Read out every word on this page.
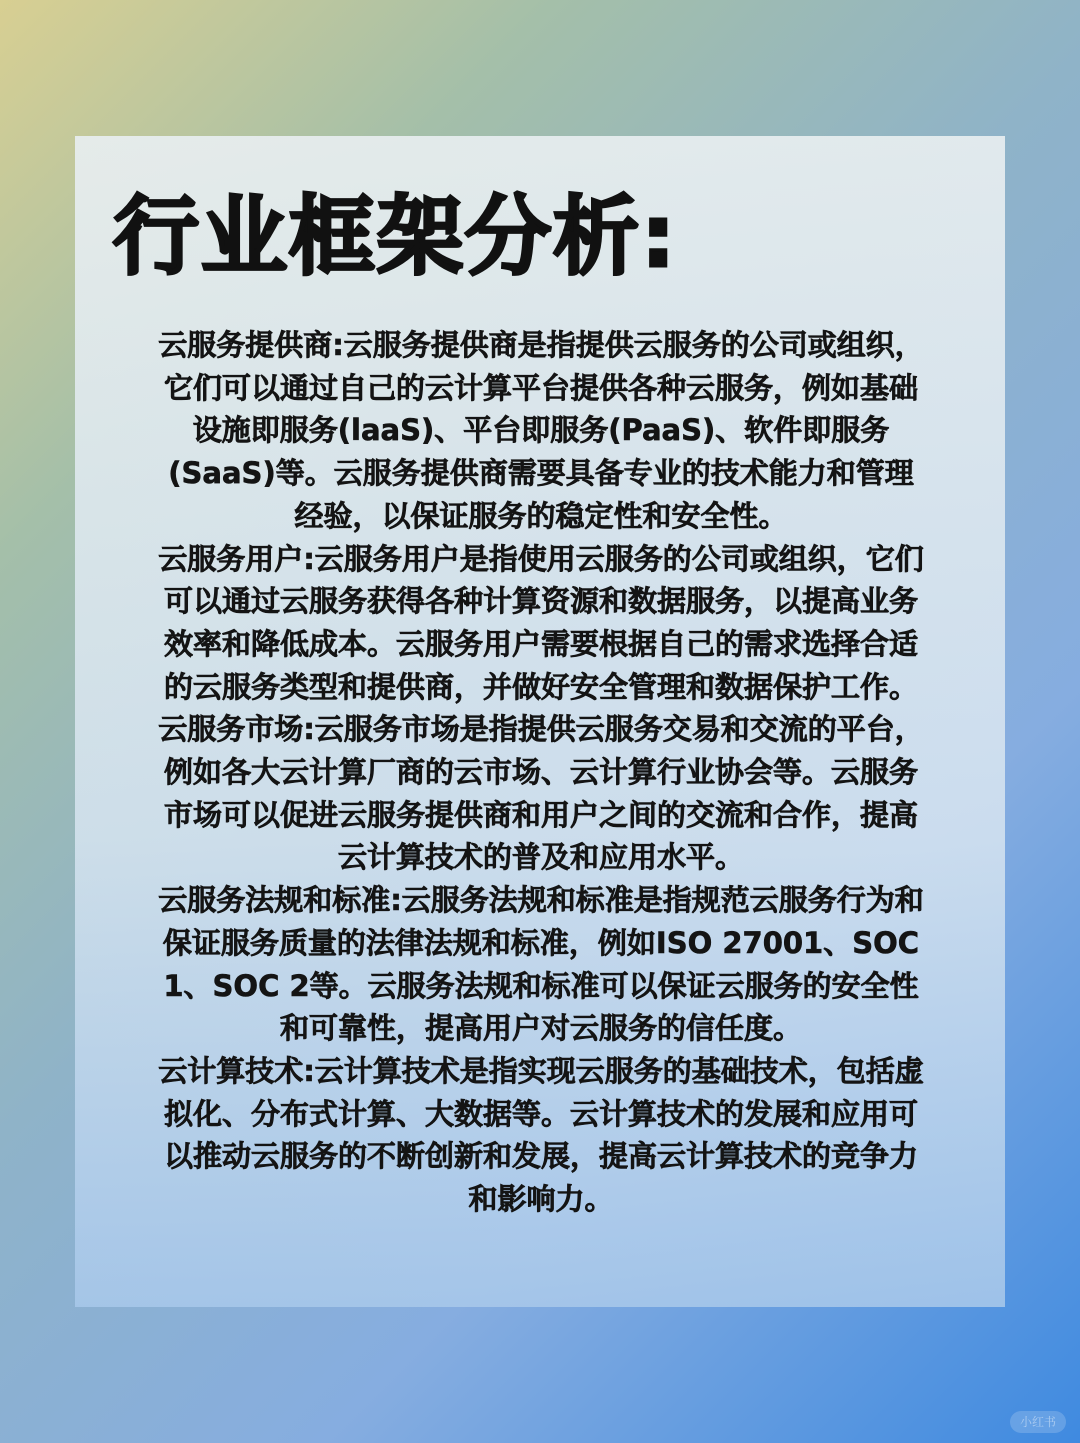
行业框架分析:

云服务提供商:云服务提供商是指提供云服务的公司或组织，它们可以通过自己的云计算平台提供各种云服务，例如基础设施即服务(laaS)、平台即服务(PaaS)、软件即服务(SaaS)等。云服务提供商需要具备专业的技术能力和管理经验，以保证服务的稳定性和安全性。

云服务用户:云服务用户是指使用云服务的公司或组织，它们可以通过云服务获得各种计算资源和数据服务，以提高业务效率和降低成本。云服务用户需要根据自己的需求选择合适的云服务类型和提供商，并做好安全管理和数据保护工作。

云服务市场:云服务市场是指提供云服务交易和交流的平台，例如各大云计算厂商的云市场、云计算行业协会等。云服务市场可以促进云服务提供商和用户之间的交流和合作，提高云计算技术的普及和应用水平。

云服务法规和标准:云服务法规和标准是指规范云服务行为和保证服务质量的法律法规和标准，例如ISO 27001、SOC 1、SOC 2等。云服务法规和标准可以保证云服务的安全性和可靠性，提高用户对云服务的信任度。

云计算技术:云计算技术是指实现云服务的基础技术，包括虚拟化、分布式计算、大数据等。云计算技术的发展和应用可以推动云服务的不断创新和发展，提高云计算技术的竞争力和影响力。

小红书
